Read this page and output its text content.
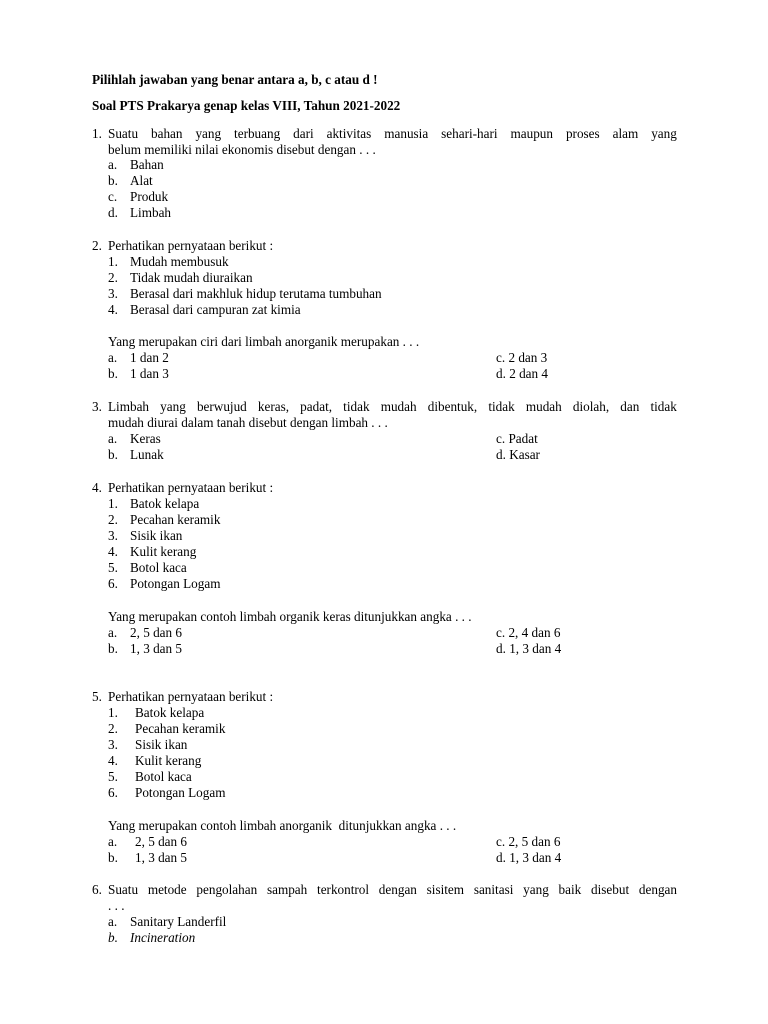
Pilihlah jawaban yang benar antara a, b, c atau d !
Soal PTS Prakarya genap kelas VIII, Tahun 2021-2022
1. Suatu bahan yang terbuang dari aktivitas manusia sehari-hari maupun proses alam yang
belum memiliki nilai ekonomis disebut dengan . . .
a. Bahan
b. Alat
c. Produk
d. Limbah
2. Perhatikan pernyataan berikut :
1. Mudah membusuk
2. Tidak mudah diuraikan
3. Berasal dari makhluk hidup terutama tumbuhan
4. Berasal dari campuran zat kimia
Yang merupakan ciri dari limbah anorganik merupakan . . .
a. 1 dan 2	c. 2 dan 3
b. 1 dan 3	d. 2 dan 4
3. Limbah yang berwujud keras, padat, tidak mudah dibentuk, tidak mudah diolah, dan tidak
mudah diurai dalam tanah disebut dengan limbah . . .
a. Keras	c. Padat
b. Lunak	d. Kasar
4. Perhatikan pernyataan berikut :
1. Batok kelapa
2. Pecahan keramik
3. Sisik ikan
4. Kulit kerang
5. Botol kaca
6. Potongan Logam
Yang merupakan contoh limbah organik keras ditunjukkan angka . . .
a. 2, 5 dan 6	c. 2, 4 dan 6
b. 1, 3 dan 5	d. 1, 3 dan 4
5. Perhatikan pernyataan berikut :
1. Batok kelapa
2. Pecahan keramik
3. Sisik ikan
4. Kulit kerang
5. Botol kaca
6. Potongan Logam
Yang merupakan contoh limbah anorganik  ditunjukkan angka . . .
a. 2, 5 dan 6	c. 2, 5 dan 6
b. 1, 3 dan 5	d. 1, 3 dan 4
6. Suatu metode pengolahan sampah terkontrol dengan sisitem sanitasi yang baik disebut dengan
. . .
a. Sanitary Landerfil
b. Incineration
